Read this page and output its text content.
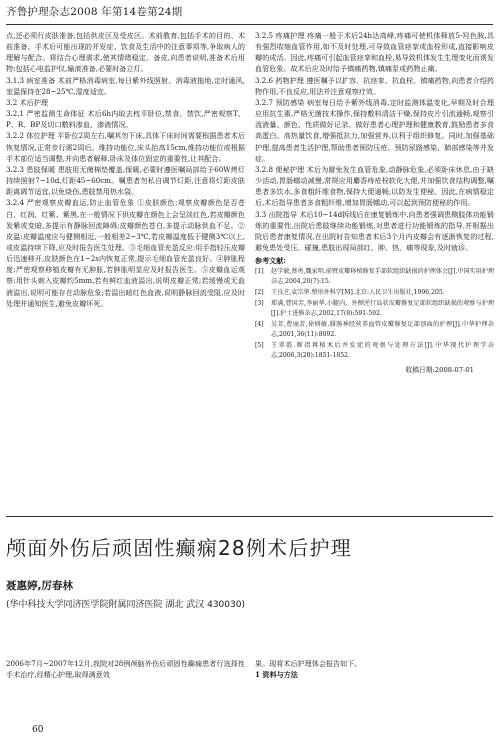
齐鲁护理杂志2008 年第14卷第24期

点,还必须行皮肤准备,包括供皮区及受皮区。术前教育,包括手术的目的、术前准备、手术后可能出现的并发症、饮食及生活中的注意事项等,争取病人的理解与配合。将结合心理需求,使其情绪稳定。备皮,向患者说明,准备术后用物:包括心电监护仪,输液准备,必要时备立灯。

3.1.3 病室准备 术前严格消毒病室,每日紫外线照射、消毒液拖地,定时通风,室温保持在28~25℃,湿度适宜。

3.2 术后护理

3.2.1 严密监测生命体征 术后6h内取去枕平卧位,禁食、禁饮,严密观察T、P、R、BP及切口敷料渗血、渗液情况。

3.2.2 体位护理 平卧位2周左右,嘱其勿下床,具体下床时间需要根据患者术后恢复情况,正常步行需2周后。维持功能位,床头抬高15cm,维持功能位或根据手术部位适当调整,并向患者解释,卧床及体位固定的重要性,让其配合。

3.2.3 患肢保暖 患肢用无菌棉垫覆盖,保暖,必要时遵医嘱局部给予60W烤灯持续照射7~10d,灯距45~60cm。嘱患者勿私自调节灯距,注意将灯距皮肤距离调节适宜,以免烧伤,患肢禁用热水袋。

3.2.4 严密观察皮瓣血运,防止血管危象 ①皮肤颜色:观察皮瓣颜色是否苍白、红润、红紫、紫黑,在一般情况下供皮瓣在颜色上会呈淡红色,若皮瓣颜色发紫或变暗,多提示有静脉回流障碍;皮瓣颜色苍白,多提示动脉供血不足。②皮温:皮瓣温度应与健侧相近,一般相差2~3℃,若皮瓣温度低于健侧3℃以上,或皮温持续下降,应及时报告医生处理。③毛细血管充盈反应:用手指轻压皮瓣后迅速移开,皮肤颜色在1~2s内恢复正常,提示毛细血管充盈良好。④肿胀程度:严密观察移植皮瓣有无肿胀,若肿胀明显应及时报告医生。⑤皮瓣血运观察:用针头刺入皮瓣约5mm,若有鲜红血液溢出,说明皮瓣正常;若缓慢或无血液溢出,说明可能存在动脉危象;若溢出暗红色血液,说明静脉回流受阻,应及时处理并通知医生,避免皮瓣坏死。

3.2.5 疼痛护理 疼痛一般于术后24h达高峰,疼痛可使机体释放5-羟色胺,具有强烈收缩血管作用,如不及时处理,可导致血管痉挛或血栓形成,直接影响皮瓣的成活。因此,疼痛可引起血管痉挛和血栓,易导致机体发生生理变化而诱发血管危象。故术后应及时给予镇痛药物,镇痛泵或药物止痛。

3.2.6 药物护理 遵医嘱予以扩容、抗痉挛、抗血栓、镇痛药物,向患者介绍药物作用,不良反应,用法并注意观察疗效。

3.2.7 预防感染 病室每日给予紫外线消毒,定时监测体温变化,早期及时合理应用抗生素,严格无菌技术操作,保持敷料清洁干燥,保持皮片引流通畅,观察引流液量、颜色、性质做好记录。做好患者心理护理和健康教育,鼓励患者多食高蛋白、高热量饮食,增强抵抗力,加强营养,以利于组织修复。同时,加强基础护理,提高患者生活护理,帮助患者预防压疮、预防尿路感染、肺部感染等并发症。

3.2.8 便秘护理 术后为避免发生血管危象,动静脉危象,必须卧床休息,由于缺少活动,胃肠蠕动减慢,常规应用麝香痔疮栓软化大便,并加强饮食结构调整,嘱患者多饮水,多食粗纤维食物,保持大便通畅,以防发生便秘。因此,在病情稳定后,术后指导患者多食粗纤维,增加胃肠蠕动,可以起到预防便秘的作用。

3.3 出院指导 术后10~14d拆线后在康复锻炼中,向患者强调患侧肢体功能锻炼的重要性,出院后患肢继续功能锻炼,对患者进行功能锻炼的指导,并根据出院后患者康复情况,在出院时告知患者术后3个月内皮瓣会有逐渐恢复的过程,避免患处受压、碰撞,患肢出现局部红、肿、热、痛等现象,及时就诊。

参考文献:
[1]	赵学敏,蔡勇,魏家明.前臂皮瓣移植修复手部软组织缺损的护理体会[J].中国实用护理杂志,2004,20(7):15.
[2]	王良芝,袁宗华.整形外科学[M].北京:人民卫生出版社,1996,205.
[3]	郑满,曹国芳,李丽华.小腿内、外侧逆行岛状皮瓣修复足部软组织缺损的观察与护理[J].护士进修杂志,2002,17(8):591-592.
[4]	吴芳,曹丽芳,徐炳敏.腓肠神经营养血管皮瓣修复足部创面的护理[J].中华护理杂志,2001,36(11):8092.
[5]	王翠霞.断指再植术后并发症的观察与处理方法[J].中华现代护理学杂志,2006,3(20):1851-1852.
收稿日期:2008-07-01
颅面外伤后顽固性癫痫28例术后护理
聂惠婷,厉春林
(华中科技大学同济医学院附属同济医院 湖北 武汉 430030)

2006年7月~2007年12月,我院对28例颅脑外伤后顽固性癫痫患者行选择性手术治疗,经精心护理,取得满意效

果。现将术后护理体会报告如下。

1 资料与方法

60
